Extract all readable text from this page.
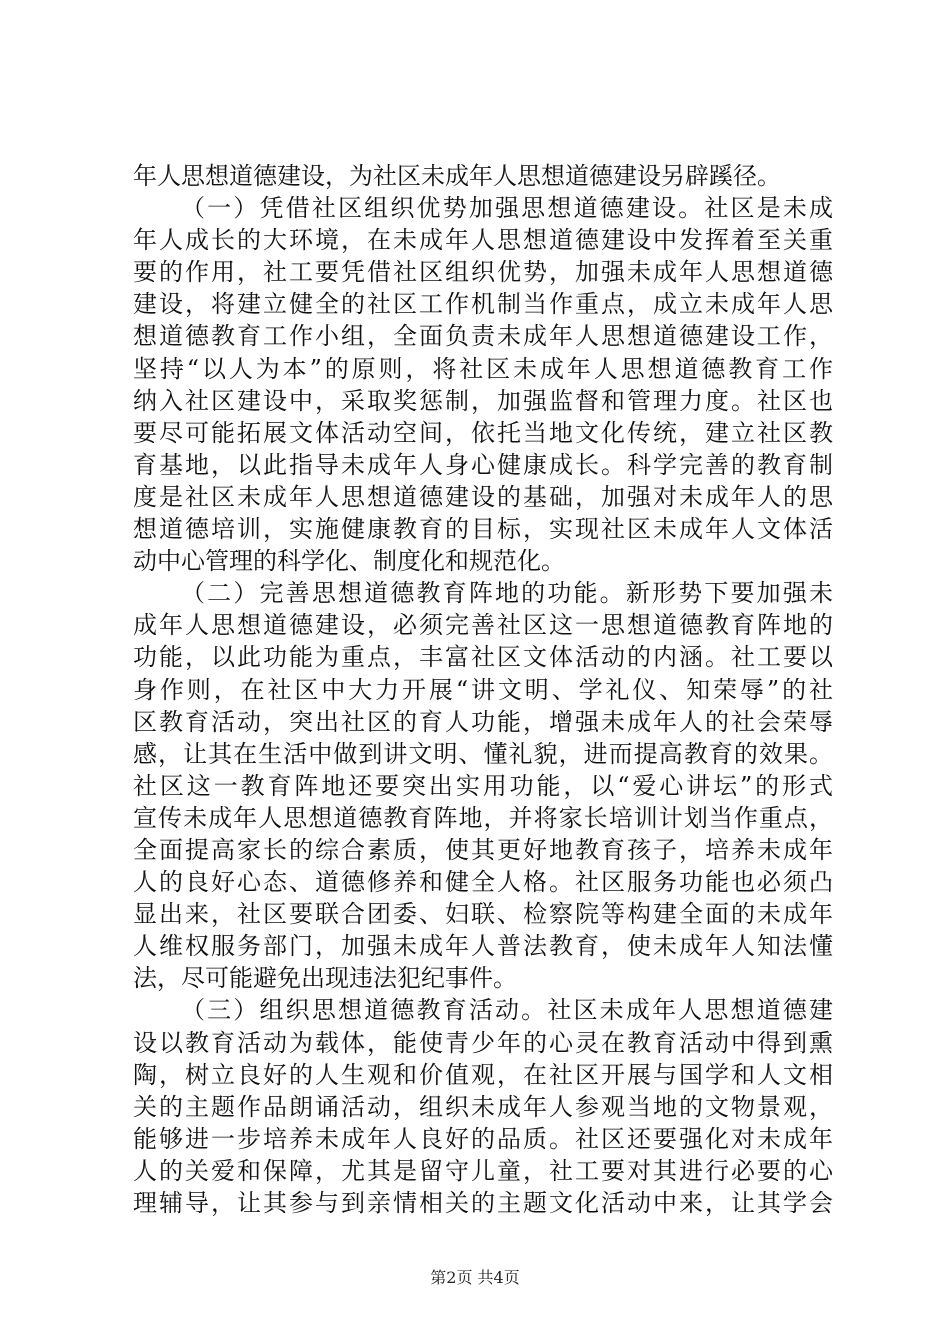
年人思想道德建设，为社区未成年人思想道德建设另辟蹊径。
（一）凭借社区组织优势加强思想道德建设。社区是未成
年人成长的大环境，在未成年人思想道德建设中发挥着至关重
要的作用，社工要凭借社区组织优势，加强未成年人思想道德
建设，将建立健全的社区工作机制当作重点，成立未成年人思
想道德教育工作小组，全面负责未成年人思想道德建设工作，
坚持“以人为本”的原则，将社区未成年人思想道德教育工作
纳入社区建设中，采取奖惩制，加强监督和管理力度。社区也
要尽可能拓展文体活动空间，依托当地文化传统，建立社区教
育基地，以此指导未成年人身心健康成长。科学完善的教育制
度是社区未成年人思想道德建设的基础，加强对未成年人的思
想道德培训，实施健康教育的目标，实现社区未成年人文体活
动中心管理的科学化、制度化和规范化。
（二）完善思想道德教育阵地的功能。新形势下要加强未
成年人思想道德建设，必须完善社区这一思想道德教育阵地的
功能，以此功能为重点，丰富社区文体活动的内涵。社工要以
身作则，在社区中大力开展“讲文明、学礼仪、知荣辱”的社
区教育活动，突出社区的育人功能，增强未成年人的社会荣辱
感，让其在生活中做到讲文明、懂礼貌，进而提高教育的效果。
社区这一教育阵地还要突出实用功能，以“爱心讲坛”的形式
宣传未成年人思想道德教育阵地，并将家长培训计划当作重点，
全面提高家长的综合素质，使其更好地教育孩子，培养未成年
人的良好心态、道德修养和健全人格。社区服务功能也必须凸
显出来，社区要联合团委、妇联、检察院等构建全面的未成年
人维权服务部门，加强未成年人普法教育，使未成年人知法懂
法，尽可能避免出现违法犯纪事件。
（三）组织思想道德教育活动。社区未成年人思想道德建
设以教育活动为载体，能使青少年的心灵在教育活动中得到熏
陶，树立良好的人生观和价值观，在社区开展与国学和人文相
关的主题作品朗诵活动，组织未成年人参观当地的文物景观，
能够进一步培养未成年人良好的品质。社区还要强化对未成年
人的关爱和保障，尤其是留守儿童，社工要对其进行必要的心
理辅导，让其参与到亲情相关的主题文化活动中来，让其学会
第2页 共4页
